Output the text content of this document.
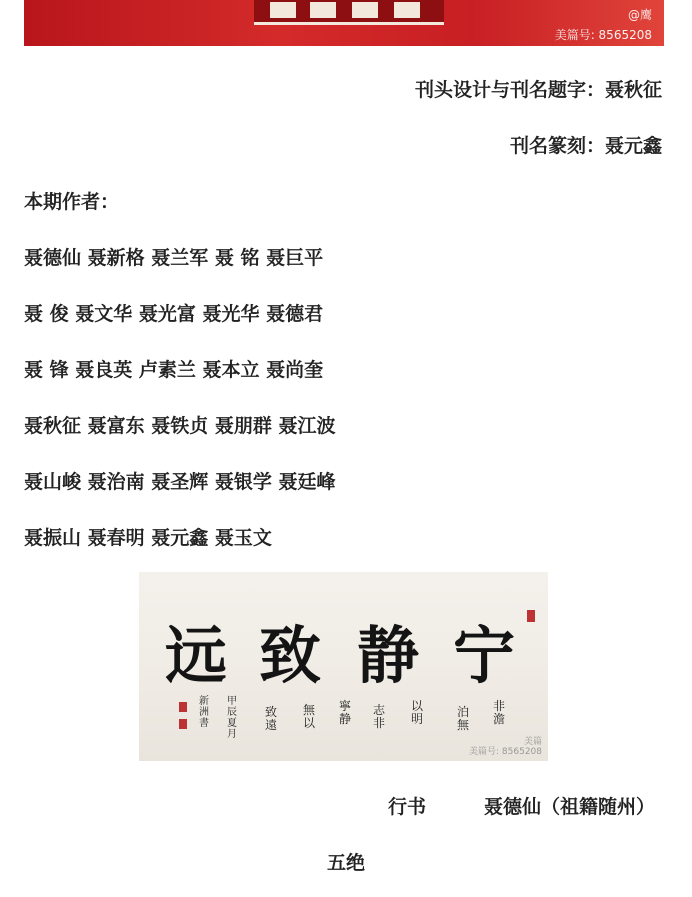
@鹰
美篇号: 8565208
刊头设计与刊名题字：聂秋征
刊名篆刻：聂元鑫
本期作者：
聂德仙 聂新格 聂兰军 聂 铭 聂巨平
聂 俊 聂文华 聂光富 聂光华 聂德君
聂 锋 聂良英 卢素兰 聂本立 聂尚奎
聂秋征 聂富东 聂铁贞 聂朋群 聂江波
聂山峻 聂治南 聂圣辉 聂银学 聂廷峰
聂振山 聂春明 聂元鑫 聂玉文
远 致 静 宁
非澹
泊無
以明
志非
寧静
無以
致遠
甲辰夏月
新洲書
美篇
美篇号: 8565208
行书	聂德仙（祖籍随州）
五绝
